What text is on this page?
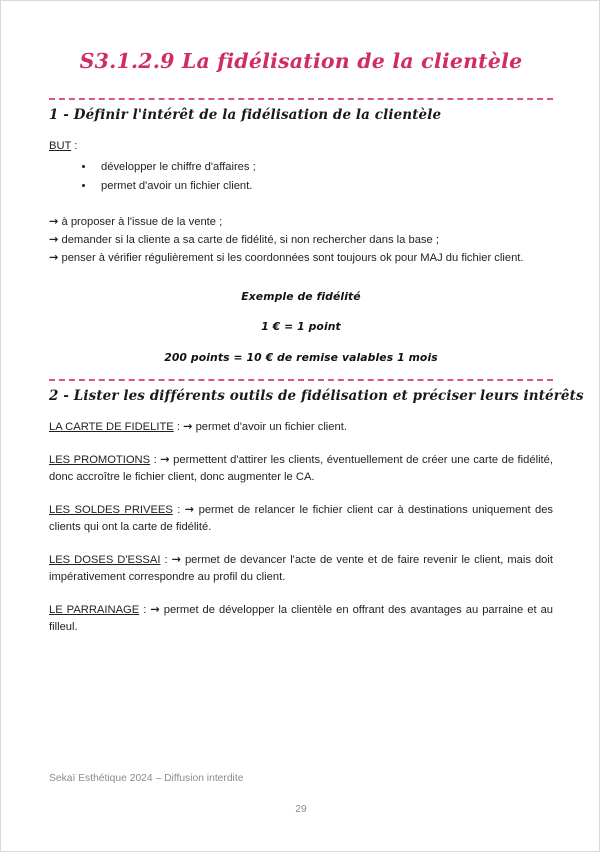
S3.1.2.9 La fidélisation de la clientèle
1 - Définir l'intérêt de la fidélisation de la clientèle

BUT :

• développer le chiffre d'affaires ;
• permet d'avoir un fichier client.

→ à proposer à l'issue de la vente ;

→ demander si la cliente a sa carte de fidélité, si non rechercher dans la base ;

→ penser à vérifier régulièrement si les coordonnées sont toujours ok pour MAJ du fichier client.

Exemple de fidélité

1 € = 1 point

200 points = 10 € de remise valables 1 mois

2 - Lister les différents outils de fidélisation et préciser leurs intérêts

LA CARTE DE FIDELITE : → permet d'avoir un fichier client.

LES PROMOTIONS : → permettent d'attirer les clients, éventuellement de créer une carte de fidélité, donc accroître le fichier client, donc augmenter le CA.

LES SOLDES PRIVEES : → permet de relancer le fichier client car à destinations uniquement des clients qui ont la carte de fidélité.

LES DOSES D'ESSAI : → permet de devancer l'acte de vente et de faire revenir le client, mais doit impérativement correspondre au profil du client.

LE PARRAINAGE : → permet de développer la clientèle en offrant des avantages au parraine et au filleul.

Sekaï Esthétique 2024 – Diffusion interdite

29
